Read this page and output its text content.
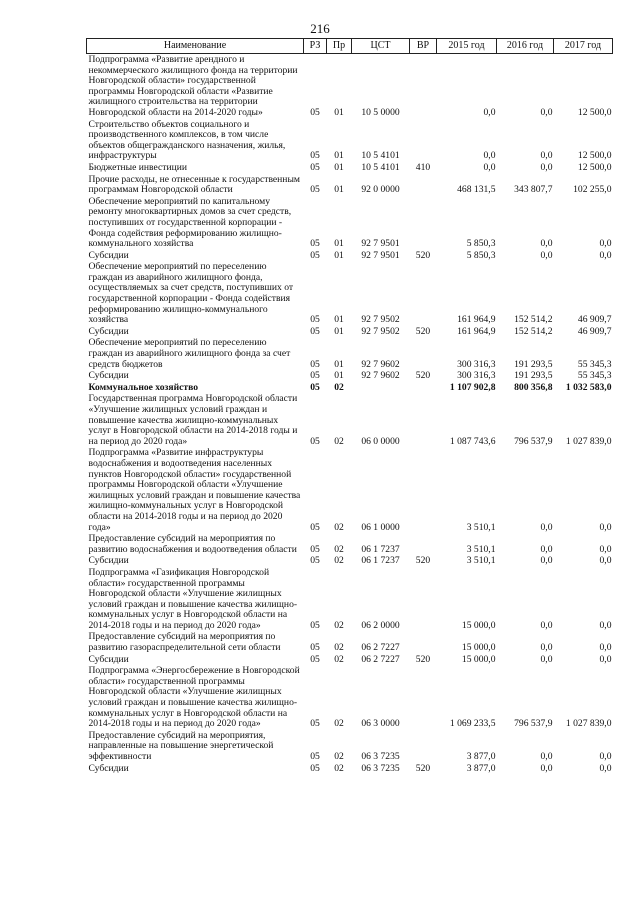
216
Наименование	РЗ	Пр	ЦСТ	ВР	2015 год	2016 год	2017 год
Подпрограмма «Развитие арендного и некоммерческого жилищного фонда на территории Новгородской области» государственной программы Новгородской области «Развитие жилищного строительства на территории Новгородской области на 2014-2020 годы»	05	01	10 5 0000		0,0	0,0	12 500,0
Строительство объектов социального и производственного комплексов, в том числе объектов общегражданского назначения, жилья, инфраструктуры	05	01	10 5 4101		0,0	0,0	12 500,0
Бюджетные инвестиции	05	01	10 5 4101	410	0,0	0,0	12 500,0
Прочие расходы, не отнесенные к государственным программам Новгородской области	05	01	92 0 0000		468 131,5	343 807,7	102 255,0
Обеспечение мероприятий по капитальному ремонту многоквартирных домов за счет средств, поступивших от государственной корпорации - Фонда содействия реформированию жилищно-коммунального хозяйства	05	01	92 7 9501		5 850,3	0,0	0,0
Субсидии	05	01	92 7 9501	520	5 850,3	0,0	0,0
Обеспечение мероприятий по переселению граждан из аварийного жилищного фонда, осуществляемых за счет средств, поступивших от государственной корпорации - Фонда содействия реформированию жилищно-коммунального хозяйства	05	01	92 7 9502		161 964,9	152 514,2	46 909,7
Субсидии	05	01	92 7 9502	520	161 964,9	152 514,2	46 909,7
Обеспечение мероприятий по переселению граждан из аварийного жилищного фонда за счет средств бюджетов	05	01	92 7 9602		300 316,3	191 293,5	55 345,3
Субсидии	05	01	92 7 9602	520	300 316,3	191 293,5	55 345,3
Коммунальное хозяйство	05	02			1 107 902,8	800 356,8	1 032 583,0
Государственная программа Новгородской области «Улучшение жилищных условий граждан и повышение качества жилищно-коммунальных услуг в Новгородской области на 2014-2018 годы и на период до 2020 года»	05	02	06 0 0000		1 087 743,6	796 537,9	1 027 839,0
Подпрограмма «Развитие инфраструктуры водоснабжения и водоотведения населенных пунктов Новгородской области» государственной программы Новгородской области «Улучшение жилищных условий граждан и повышение качества жилищно-коммунальных услуг в Новгородской области на 2014-2018 годы и на период до 2020 года»	05	02	06 1 0000		3 510,1	0,0	0,0
Предоставление субсидий на мероприятия по развитию водоснабжения и водоотведения области	05	02	06 1 7237		3 510,1	0,0	0,0
Субсидии	05	02	06 1 7237	520	3 510,1	0,0	0,0
Подпрограмма «Газификация Новгородской области» государственной программы Новгородской области «Улучшение жилищных условий граждан и повышение качества жилищно-коммунальных услуг в Новгородской области на 2014-2018 годы и на период до 2020 года»	05	02	06 2 0000		15 000,0	0,0	0,0
Предоставление субсидий на мероприятия по развитию газораспределительной сети области	05	02	06 2 7227		15 000,0	0,0	0,0
Субсидии	05	02	06 2 7227	520	15 000,0	0,0	0,0
Подпрограмма «Энергосбережение в Новгородской области» государственной программы Новгородской области «Улучшение жилищных условий граждан и повышение качества жилищно-коммунальных услуг в Новгородской области на 2014-2018 годы и на период до 2020 года»	05	02	06 3 0000		1 069 233,5	796 537,9	1 027 839,0
Предоставление субсидий на мероприятия, направленные на повышение энергетической эффективности	05	02	06 3 7235		3 877,0	0,0	0,0
Субсидии	05	02	06 3 7235	520	3 877,0	0,0	0,0
